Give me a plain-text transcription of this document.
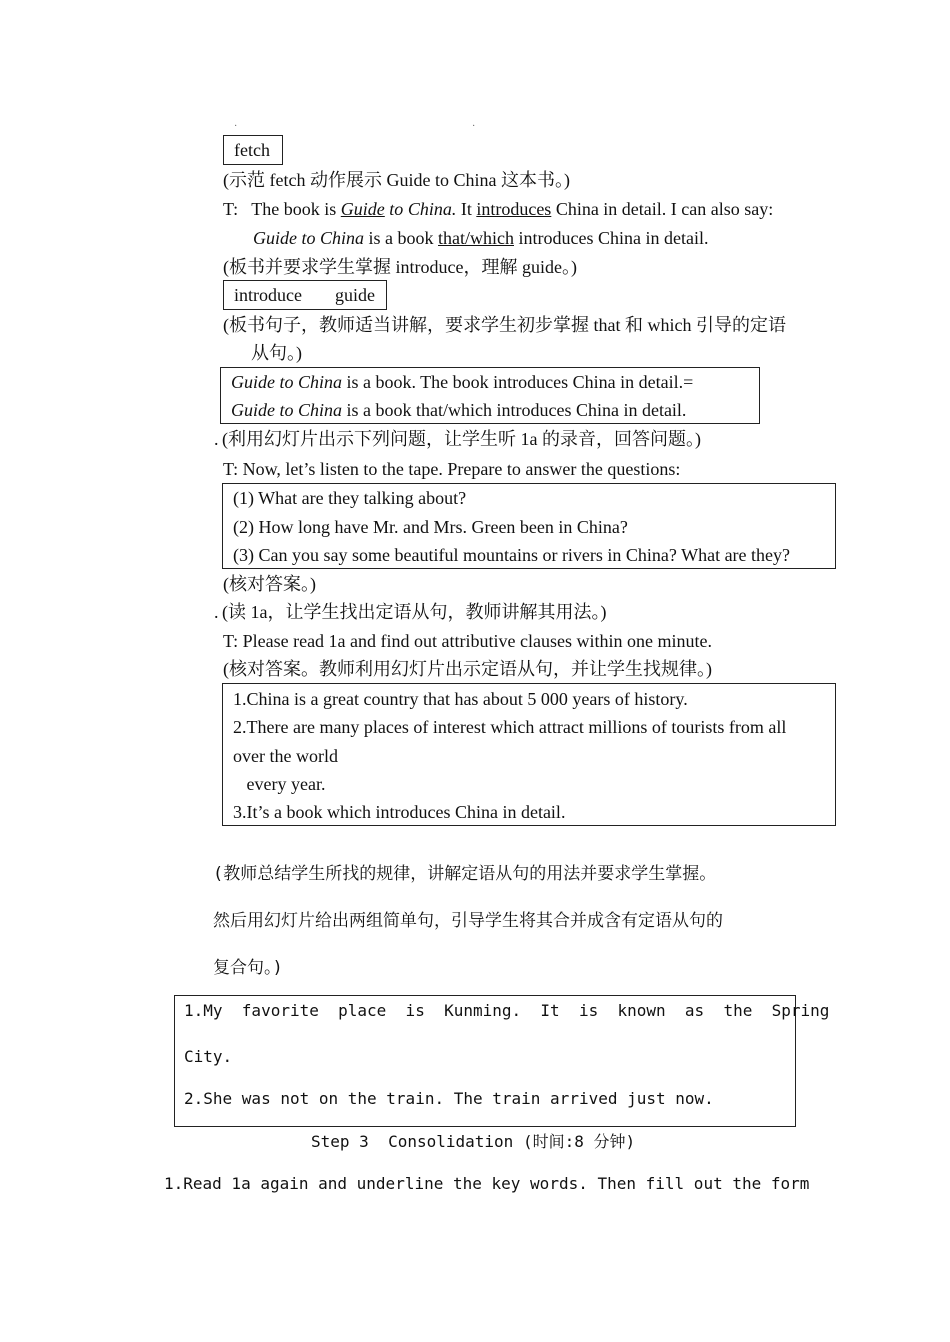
·	·
fetch
(示范 fetch 动作展示 Guide to China 这本书。)
T: The book is Guide to China. It introduces China in detail. I can also say:
Guide to China is a book that/which introduces China in detail.
(板书并要求学生掌握 introduce，理解 guide。)
introduce guide
(板书句子，教师适当讲解，要求学生初步掌握 that 和 which 引导的定语
从句。)
Guide to China is a book. The book introduces China in detail.=
Guide to China is a book that/which introduces China in detail.
. (利用幻灯片出示下列问题，让学生听 1a 的录音，回答问题。)
T: Now, let’s listen to the tape. Prepare to answer the questions:
(1) What are they talking about?
(2) How long have Mr. and Mrs. Green been in China?
(3) Can you say some beautiful mountains or rivers in China? What are they?
(核对答案。)
. (读 1a，让学生找出定语从句，教师讲解其用法。)
T: Please read 1a and find out attributive clauses within one minute.
(核对答案。教师利用幻灯片出示定语从句，并让学生找规律。)
1.China is a great country that has about 5 000 years of history.
2.There are many places of interest which attract millions of tourists from all
over the world
every year.
3.It’s a book which introduces China in detail.
(教师总结学生所找的规律，讲解定语从句的用法并要求学生掌握。
然后用幻灯片给出两组简单句，引导学生将其合并成含有定语从句的
复合句。)
1.My  favorite  place  is  Kunming.  It  is  known  as  the  Spring
City.
2.She was not on the train. The train arrived just now.
Step 3  Consolidation (时间:8 分钟)
1.Read 1a again and underline the key words. Then fill out the form
